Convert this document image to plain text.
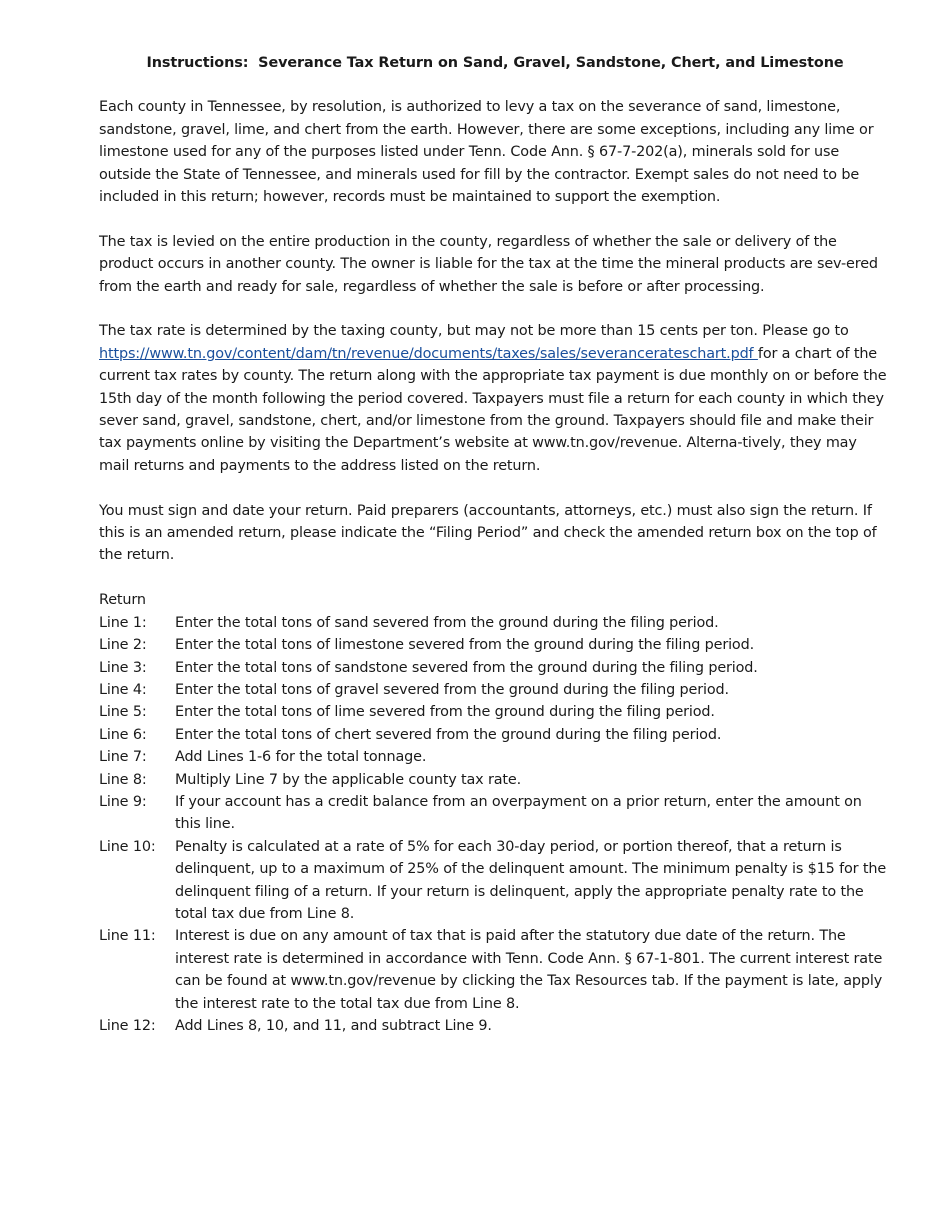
Instructions:  Severance Tax Return on Sand, Gravel, Sandstone, Chert, and Limestone

Each county in Tennessee, by resolution, is authorized to levy a tax on the severance of sand, limestone, sandstone, gravel, lime, and chert from the earth. However, there are some exceptions, including any lime or limestone used for any of the purposes listed under Tenn. Code Ann. § 67-7-202(a), minerals sold for use outside the State of Tennessee, and minerals used for fill by the contractor. Exempt sales do not need to be included in this return; however, records must be maintained to support the exemption.

The tax is levied on the entire production in the county, regardless of whether the sale or delivery of the product occurs in another county. The owner is liable for the tax at the time the mineral products are sev-ered from the earth and ready for sale, regardless of whether the sale is before or after processing.

The tax rate is determined by the taxing county, but may not be more than 15 cents per ton. Please go to https://www.tn.gov/content/dam/tn/revenue/documents/taxes/sales/severancerateschart.pdf for a chart of the current tax rates by county. The return along with the appropriate tax payment is due monthly on or before the 15th day of the month following the period covered. Taxpayers must file a return for each county in which they sever sand, gravel, sandstone, chert, and/or limestone from the ground. Taxpayers should file and make their tax payments online by visiting the Department’s website at www.tn.gov/revenue. Alterna-tively, they may mail returns and payments to the address listed on the return.

You must sign and date your return. Paid preparers (accountants, attorneys, etc.) must also sign the return. If this is an amended return, please indicate the “Filing Period” and check the amended return box on the top of the return.

Return
Line 1:	Enter the total tons of sand severed from the ground during the filing period.
Line 2:	Enter the total tons of limestone severed from the ground during the filing period.
Line 3:	Enter the total tons of sandstone severed from the ground during the filing period.
Line 4:	Enter the total tons of gravel severed from the ground during the filing period.
Line 5:	Enter the total tons of lime severed from the ground during the filing period.
Line 6:	Enter the total tons of chert severed from the ground during the filing period.
Line 7:	Add Lines 1-6 for the total tonnage.
Line 8:	Multiply Line 7 by the applicable county tax rate.
Line 9:	If your account has a credit balance from an overpayment on a prior return, enter the amount on this line.
Line 10:	Penalty is calculated at a rate of 5% for each 30-day period, or portion thereof, that a return is delinquent, up to a maximum of 25% of the delinquent amount. The minimum penalty is $15 for the delinquent filing of a return. If your return is delinquent, apply the appropriate penalty rate to the total tax due from Line 8.
Line 11:	Interest is due on any amount of tax that is paid after the statutory due date of the return. The interest rate is determined in accordance with Tenn. Code Ann. § 67-1-801. The current interest rate can be found at www.tn.gov/revenue by clicking the Tax Resources tab. If the payment is late, apply the interest rate to the total tax due from Line 8.
Line 12:	Add Lines 8, 10, and 11, and subtract Line 9.
